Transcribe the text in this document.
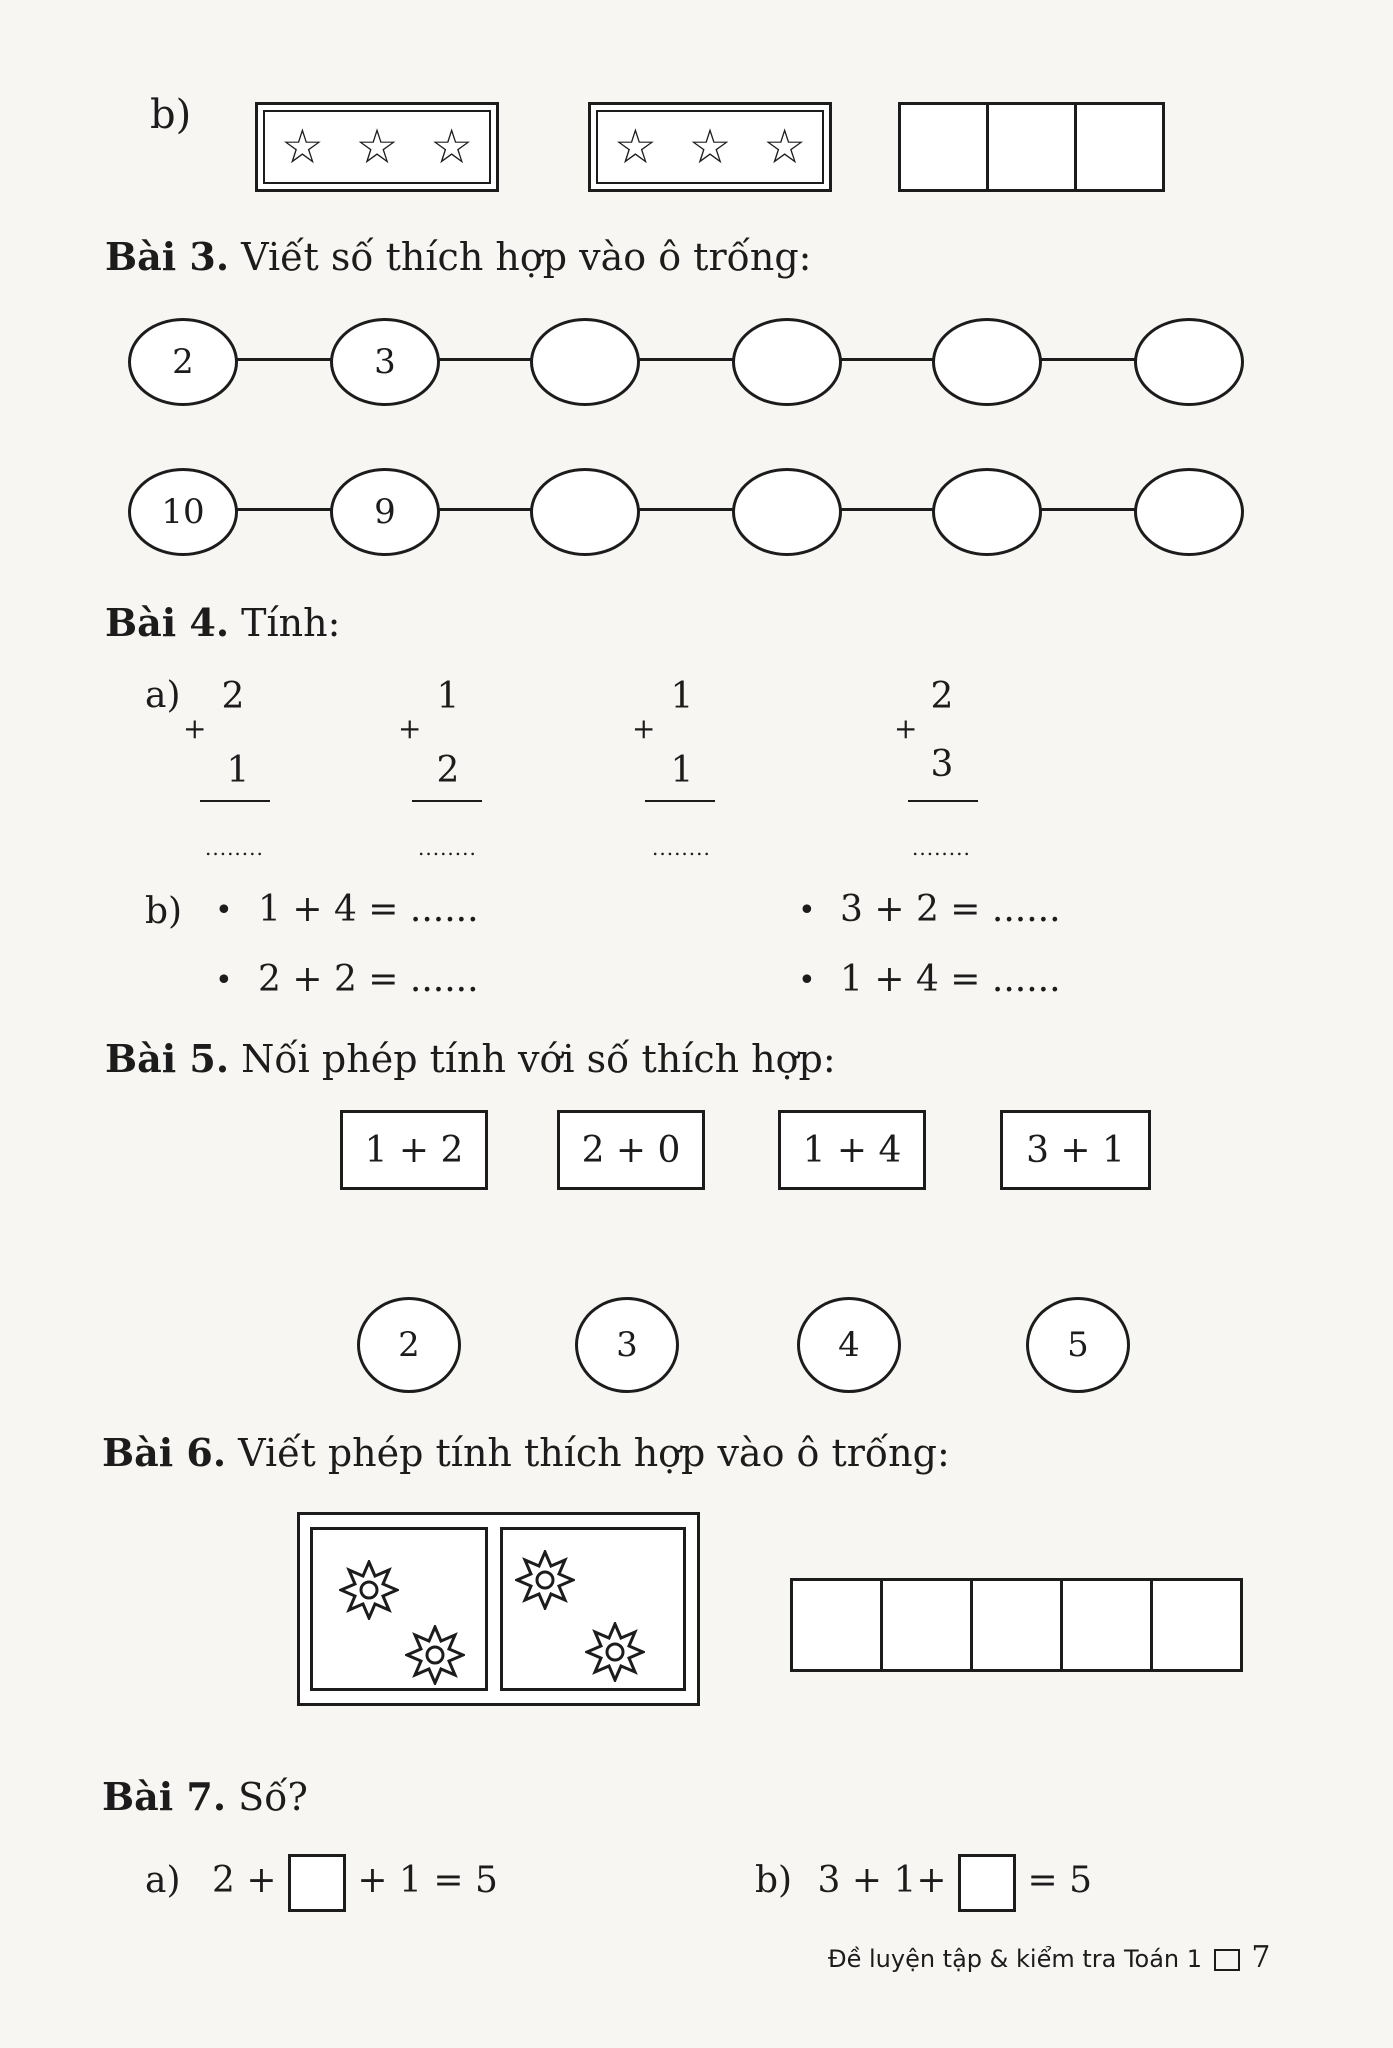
b)
☆ ☆ ☆	☆ ☆ ☆
Bài 3. Viết số thích hợp vào ô trống:
2	3
10	9
Bài 4. Tính:
a)	2
+
1
........
1
+
2
........
1
+
1
........
2
+
3
........
b) • 1 + 4 = ......	• 3 + 2 = ......
• 2 + 2 = ......	• 1 + 4 = ......
Bài 5. Nối phép tính với số thích hợp:
1 + 2	2 + 0	1 + 4	3 + 1
2	3	4	5
Bài 6. Viết phép tính thích hợp vào ô trống:
Bài 7. Số?
a) 2 + + 1 = 5	b) 3 + 1+ = 5
Đề luyện tập & kiểm tra Toán 1 7
